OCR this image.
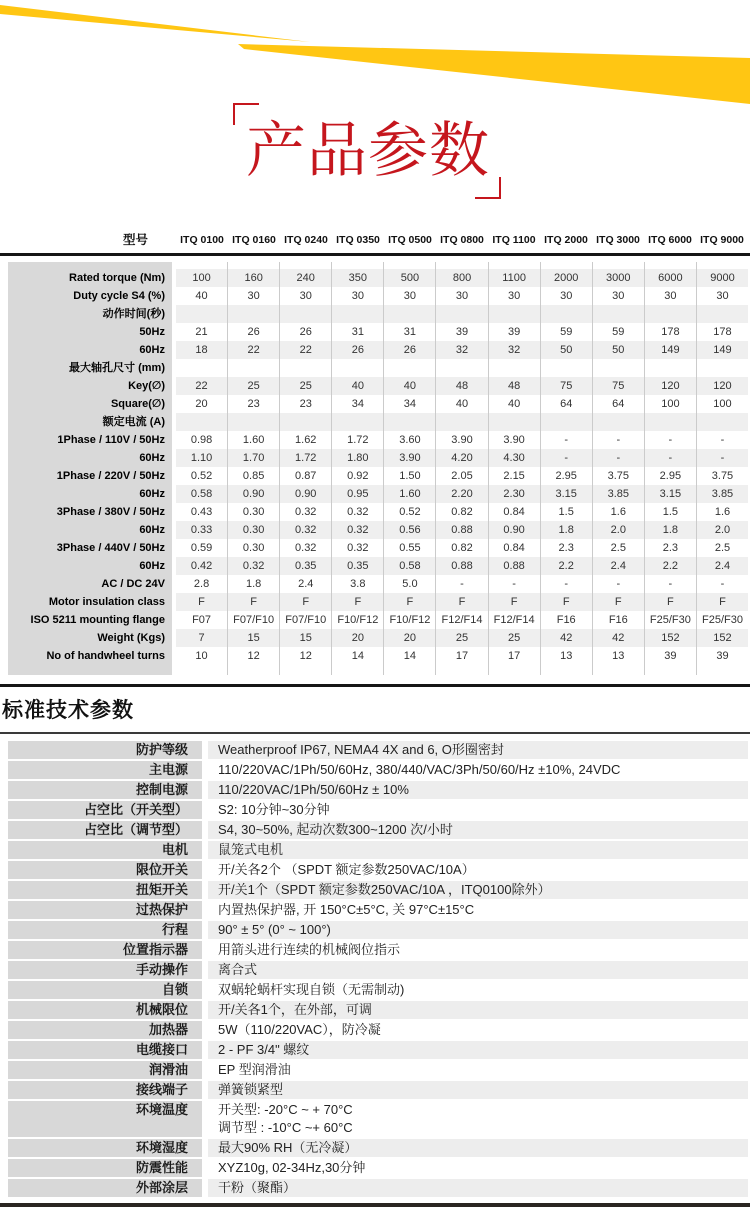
产品参数
型号	ITQ 0100 ITQ 0160 ITQ 0240 ITQ 0350 ITQ 0500 ITQ 0800 ITQ 1100 ITQ 2000 ITQ 3000 ITQ 6000 ITQ 9000
Rated torque (Nm)	100	160	240	350	500	800	1100	2000	3000	6000	9000
Duty cycle S4 (%)	40	30	30	30	30	30	30	30	30	30	30
动作时间(秒)
50Hz	21	26	26	31	31	39	39	59	59	178	178
60Hz	18	22	22	26	26	32	32	50	50	149	149
最大轴孔尺寸 (mm)
Key(∅)	22	25	25	40	40	48	48	75	75	120	120
Square(∅)	20	23	23	34	34	40	40	64	64	100	100
额定电流 (A)
1Phase / 110V / 50Hz	0.98	1.60	1.62	1.72	3.60	3.90	3.90	-	-	-	-
60Hz	1.10	1.70	1.72	1.80	3.90	4.20	4.30	-	-	-	-
1Phase / 220V / 50Hz	0.52	0.85	0.87	0.92	1.50	2.05	2.15	2.95	3.75	2.95	3.75
60Hz	0.58	0.90	0.90	0.95	1.60	2.20	2.30	3.15	3.85	3.15	3.85
3Phase / 380V / 50Hz	0.43	0.30	0.32	0.32	0.52	0.82	0.84	1.5	1.6	1.5	1.6
60Hz	0.33	0.30	0.32	0.32	0.56	0.88	0.90	1.8	2.0	1.8	2.0
3Phase / 440V / 50Hz	0.59	0.30	0.32	0.32	0.55	0.82	0.84	2.3	2.5	2.3	2.5
60Hz	0.42	0.32	0.35	0.35	0.58	0.88	0.88	2.2	2.4	2.2	2.4
AC / DC 24V	2.8	1.8	2.4	3.8	5.0	-	-	-	-	-	-
Motor insulation class	F	F	F	F	F	F	F	F	F	F	F
ISO 5211 mounting flange	F07	F07/F10	F07/F10	F10/F12	F10/F12	F12/F14	F12/F14	F16	F16	F25/F30	F25/F30
Weight (Kgs)	7	15	15	20	20	25	25	42	42	152	152
No of handwheel turns	10	12	12	14	14	17	17	13	13	39	39
标准技术参数
防护等级	Weatherproof IP67, NEMA4 4X and 6, O形圈密封
主电源	110/220VAC/1Ph/50/60Hz, 380/440/VAC/3Ph/50/60/Hz ±10%, 24VDC
控制电源	110/220VAC/1Ph/50/60Hz ± 10%
占空比（开关型）	S2: 10分钟~30分钟
占空比（调节型）	S4, 30~50%, 起动次数300~1200 次/小时
电机	鼠笼式电机
限位开关	开/关各2个 （SPDT 额定参数250VAC/10A）
扭矩开关	开/关1个（SPDT 额定参数250VAC/10A ，ITQ0100除外）
过热保护	内置热保护器, 开 150°C±5°C, 关 97°C±15°C
行程	90° ± 5° (0° ~ 100°)
位置指示器	用箭头进行连续的机械阀位指示
手动操作	离合式
自锁	双蜗轮蜗杆实现自锁（无需制动)
机械限位	开/关各1个，在外部，可调
加热器	5W（110/220VAC），防冷凝
电缆接口	2 - PF 3/4" 螺纹
润滑油	EP 型润滑油
接线端子	弹簧锁紧型
环境温度	开关型: -20°C ~ + 70°C
调节型 : -10°C ~+ 60°C
环境湿度	最大90% RH（无冷凝）
防震性能	XYZ10g, 02-34Hz,30分钟
外部涂层	干粉（聚酯）
